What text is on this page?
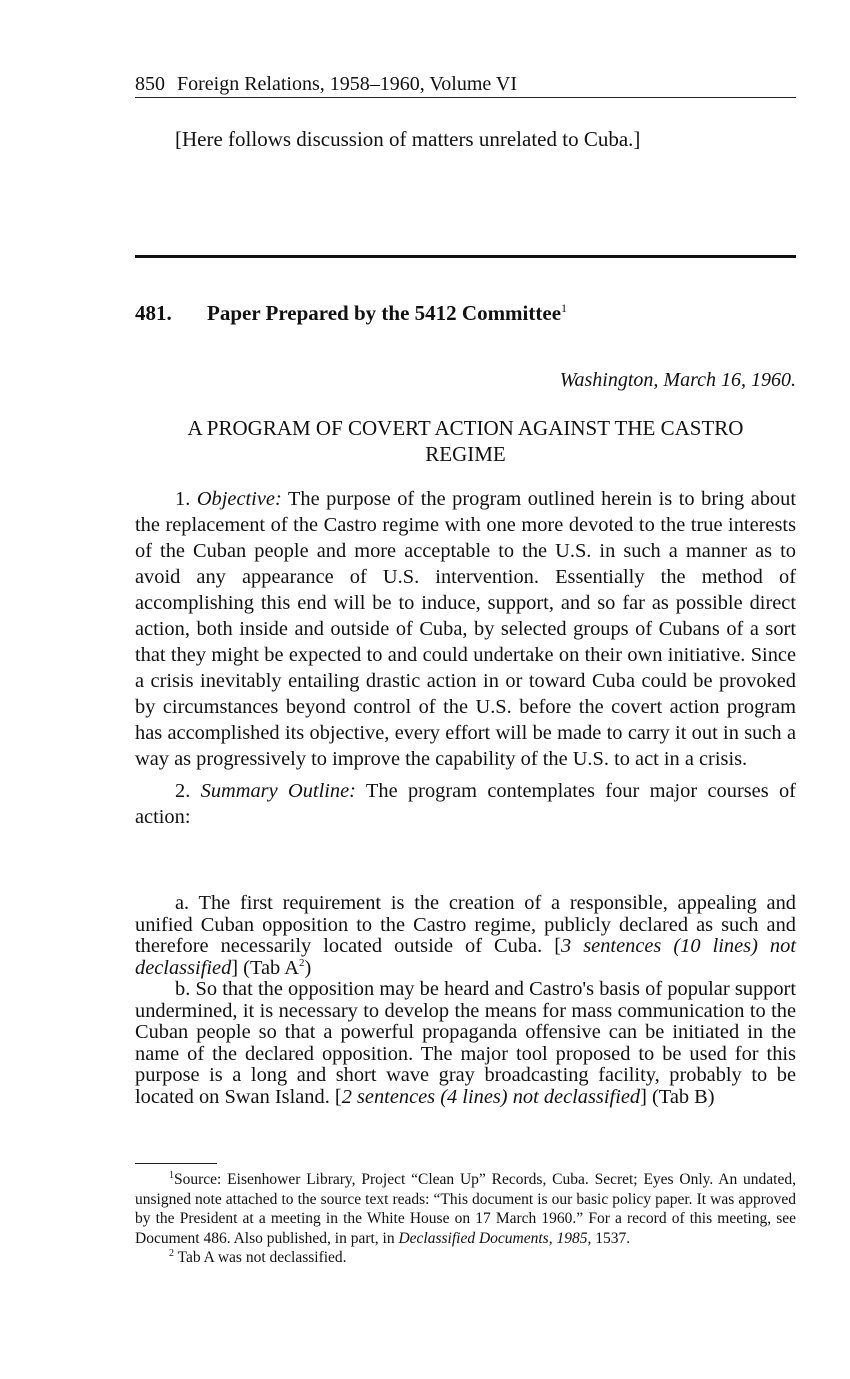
850 Foreign Relations, 1958–1960, Volume VI
[Here follows discussion of matters unrelated to Cuba.]
481. Paper Prepared by the 5412 Committee$^1$
Washington, March 16, 1960.
A PROGRAM OF COVERT ACTION AGAINST THE CASTRO REGIME

1. Objective: The purpose of the program outlined herein is to bring about the replacement of the Castro regime with one more devoted to the true interests of the Cuban people and more acceptable to the U.S. in such a manner as to avoid any appearance of U.S. intervention. Essentially the method of accomplishing this end will be to induce, support, and so far as possible direct action, both inside and outside of Cuba, by selected groups of Cubans of a sort that they might be expected to and could undertake on their own initiative. Since a crisis inevitably entailing drastic action in or toward Cuba could be provoked by circumstances beyond control of the U.S. before the covert action program has accomplished its objective, every effort will be made to carry it out in such a way as progressively to improve the capability of the U.S. to act in a crisis.

2. Summary Outline: The program contemplates four major courses of action:

a. The first requirement is the creation of a responsible, appealing and unified Cuban opposition to the Castro regime, publicly declared as such and therefore necessarily located outside of Cuba. [3 sentences (10 lines) not declassified] (Tab A$^2$)

b. So that the opposition may be heard and Castro's basis of popular support undermined, it is necessary to develop the means for mass communication to the Cuban people so that a powerful propaganda offensive can be initiated in the name of the declared opposition. The major tool proposed to be used for this purpose is a long and short wave gray broadcasting facility, probably to be located on Swan Island. [2 sentences (4 lines) not declassified] (Tab B)

$^1$Source: Eisenhower Library, Project “Clean Up” Records, Cuba. Secret; Eyes Only. An undated, unsigned note attached to the source text reads: “This document is our basic policy paper. It was approved by the President at a meeting in the White House on 17 March 1960.” For a record of this meeting, see Document 486. Also published, in part, in Declassified Documents, 1985, 1537.

$^2$ Tab A was not declassified.
